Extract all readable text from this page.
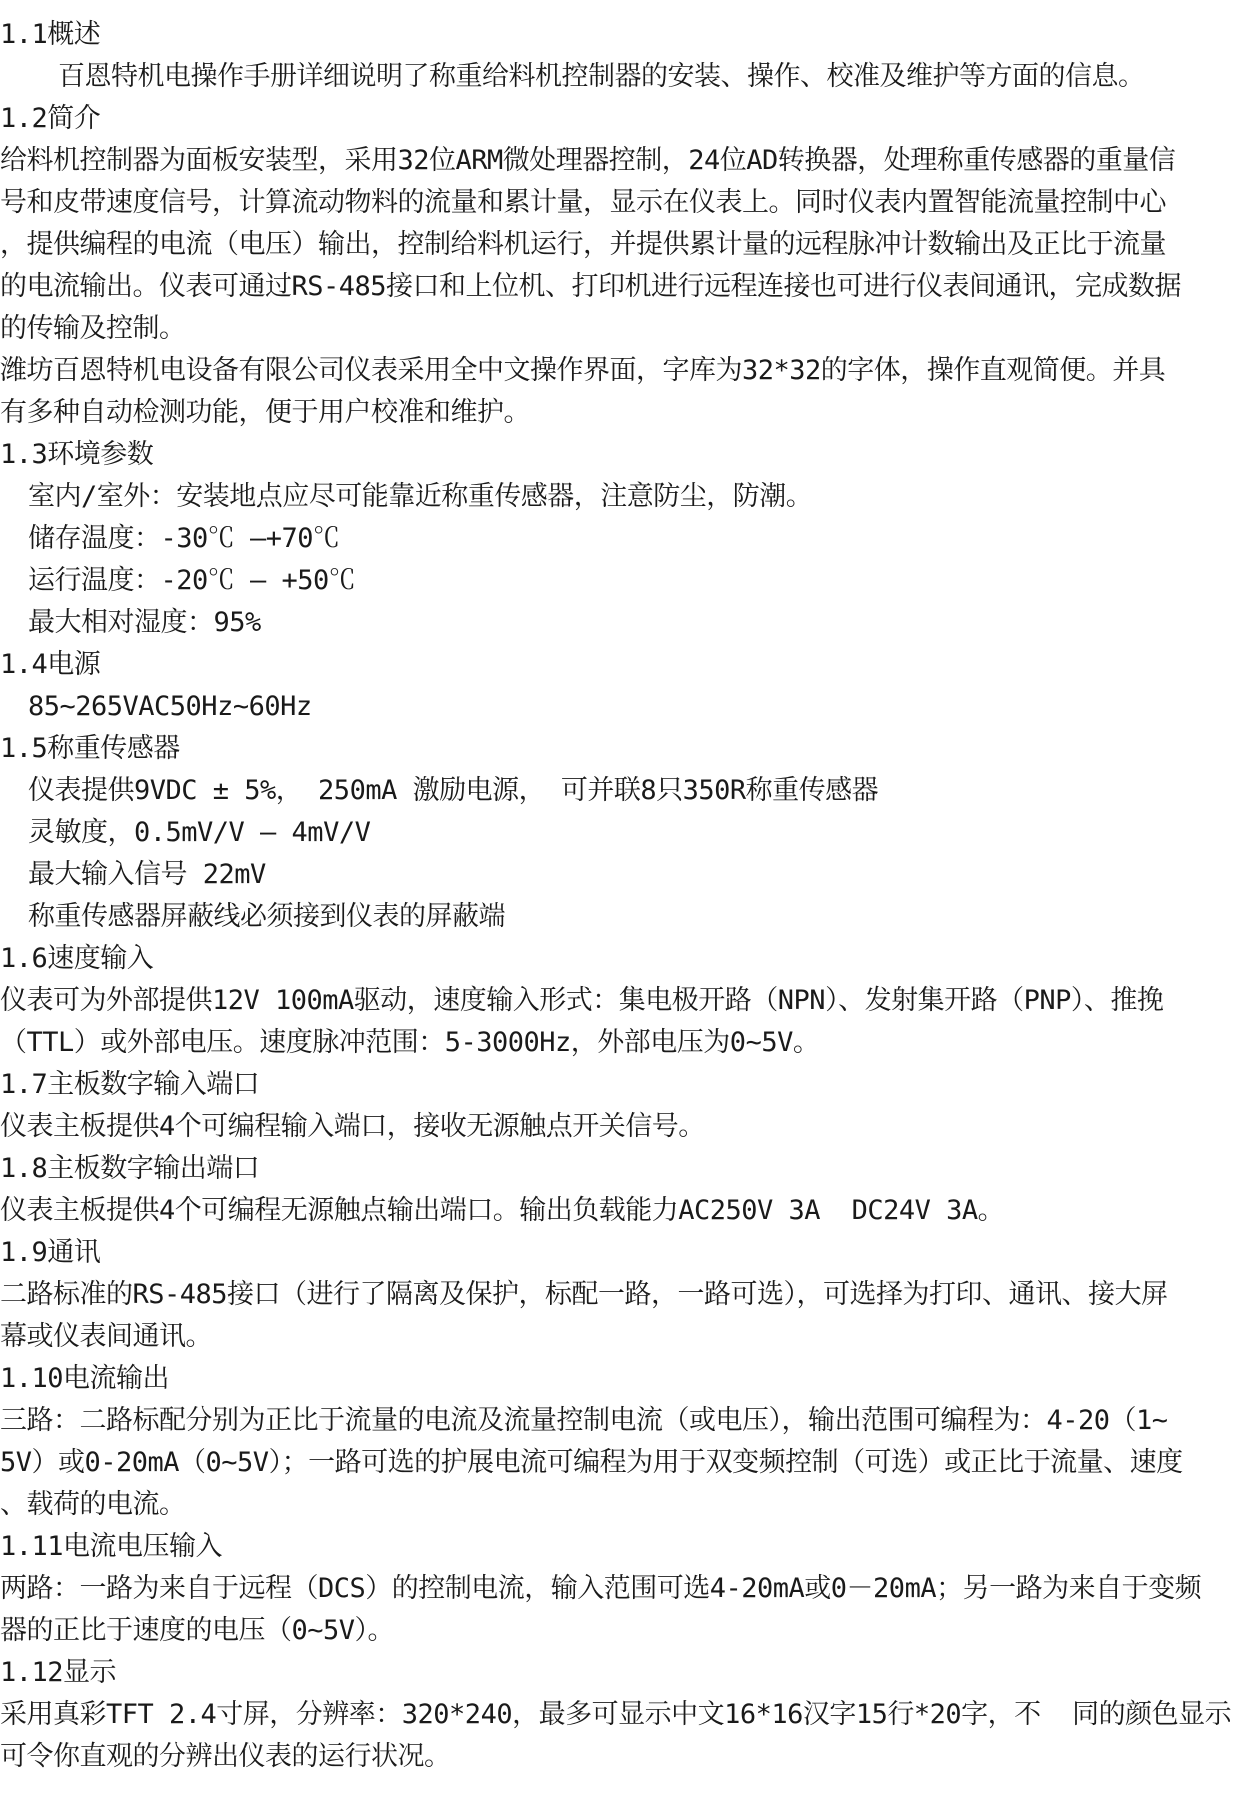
1.1概述

百恩特机电操作手册详细说明了称重给料机控制器的安装、操作、校准及维护等方面的信息。

1.2简介

给料机控制器为面板安装型，采用32位ARM微处理器控制，24位AD转换器，处理称重传感器的重量信

号和皮带速度信号，计算流动物料的流量和累计量，显示在仪表上。同时仪表内置智能流量控制中心

，提供编程的电流（电压）输出，控制给料机运行，并提供累计量的远程脉冲计数输出及正比于流量

的电流输出。仪表可通过RS-485接口和上位机、打印机进行远程连接也可进行仪表间通讯，完成数据

的传输及控制。

潍坊百恩特机电设备有限公司仪表采用全中文操作界面，字库为32*32的字体，操作直观简便。并具

有多种自动检测功能，便于用户校准和维护。

1.3环境参数

室内/室外：安装地点应尽可能靠近称重传感器，注意防尘，防潮。

储存温度：-30℃ —+70℃

运行温度：-20℃ — +50℃

最大相对湿度：95%

1.4电源

85~265VAC50Hz~60Hz

1.5称重传感器

仪表提供9VDC ± 5%， 250mA 激励电源， 可并联8只350R称重传感器

灵敏度，0.5mV/V – 4mV/V

最大输入信号 22mV

称重传感器屏蔽线必须接到仪表的屏蔽端

1.6速度输入

仪表可为外部提供12V 100mA驱动，速度输入形式：集电极开路（NPN）、发射集开路（PNP）、推挽

（TTL）或外部电压。速度脉冲范围：5-3000Hz，外部电压为0~5V。

1.7主板数字输入端口

仪表主板提供4个可编程输入端口，接收无源触点开关信号。

1.8主板数字输出端口

仪表主板提供4个可编程无源触点输出端口。输出负载能力AC250V 3A  DC24V 3A。

1.9通讯

二路标准的RS-485接口（进行了隔离及保护，标配一路，一路可选），可选择为打印、通讯、接大屏

幕或仪表间通讯。

1.10电流输出

三路：二路标配分别为正比于流量的电流及流量控制电流（或电压），输出范围可编程为：4-20（1~

5V）或0-20mA（0~5V）；一路可选的护展电流可编程为用于双变频控制（可选）或正比于流量、速度

、载荷的电流。

1.11电流电压输入

两路：一路为来自于远程（DCS）的控制电流，输入范围可选4-20mA或0－20mA；另一路为来自于变频

器的正比于速度的电压（0~5V）。

1.12显示

采用真彩TFT 2.4寸屏，分辨率：320*240，最多可显示中文16*16汉字15行*20字，不  同的颜色显示

可令你直观的分辨出仪表的运行状况。
